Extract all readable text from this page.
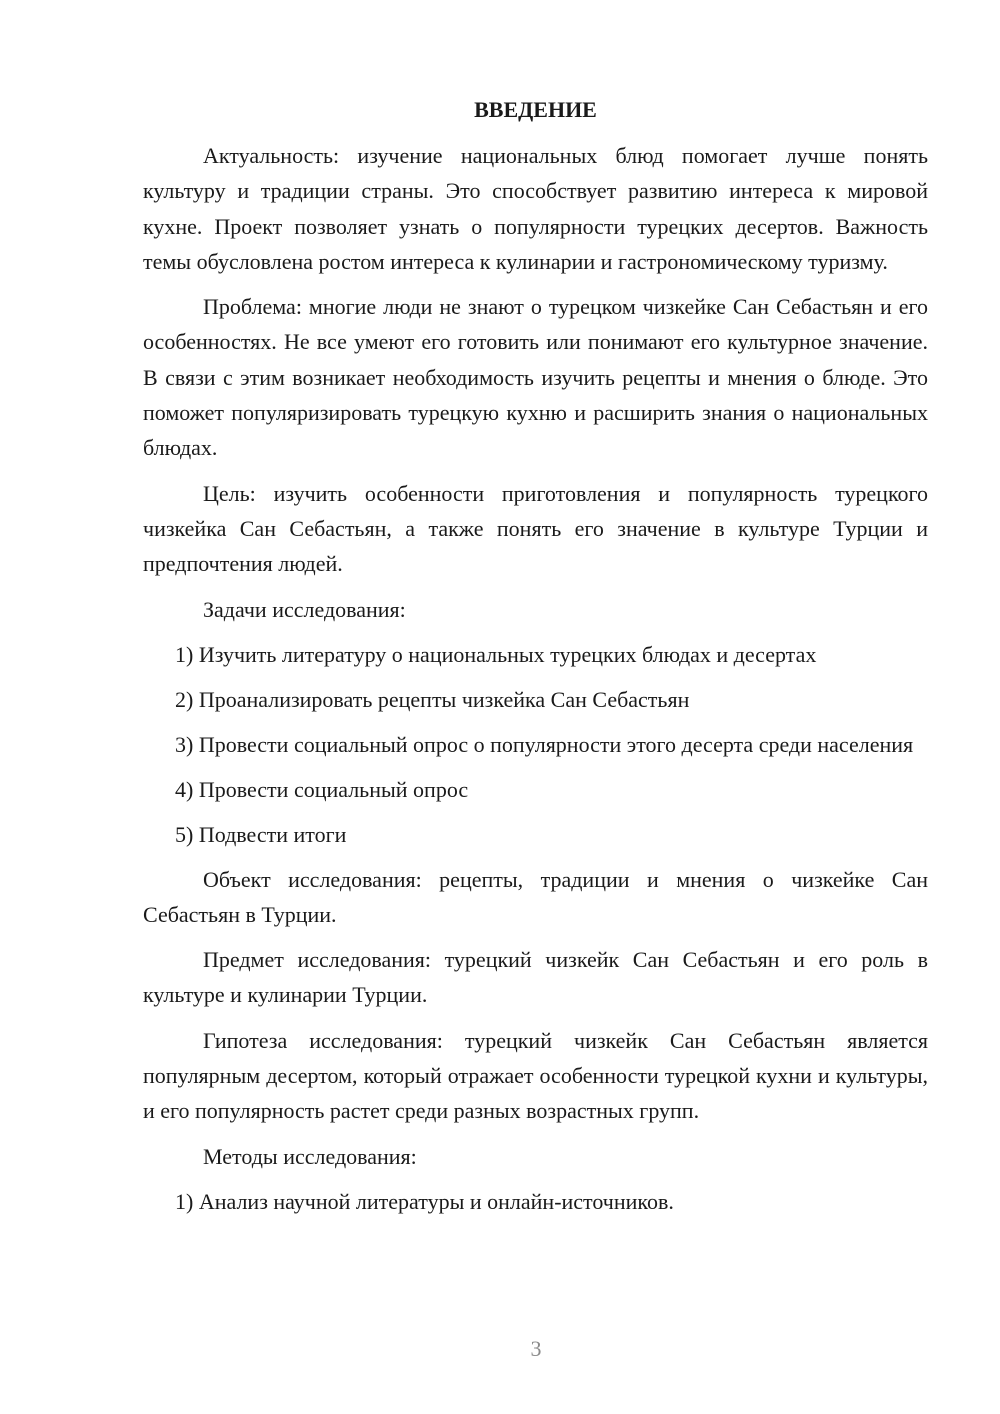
ВВЕДЕНИЕ

Актуальность: изучение национальных блюд помогает лучше понять культуру и традиции страны. Это способствует развитию интереса к мировой кухне. Проект позволяет узнать о популярности турецких десертов. Важность темы обусловлена ростом интереса к кулинарии и гастрономическому туризму.

Проблема: многие люди не знают о турецком чизкейке Сан Себастьян и его особенностях. Не все умеют его готовить или понимают его культурное значение. В связи с этим возникает необходимость изучить рецепты и мнения о блюде. Это поможет популяризировать турецкую кухню и расширить знания о национальных блюдах.

Цель: изучить особенности приготовления и популярность турецкого чизкейка Сан Себастьян, а также понять его значение в культуре Турции и предпочтения людей.

Задачи исследования:

1) Изучить литературу о национальных турецких блюдах и десертах

2) Проанализировать рецепты чизкейка Сан Себастьян

3) Провести социальный опрос о популярности этого десерта среди населения

4) Провести социальный опрос

5) Подвести итоги

Объект исследования: рецепты, традиции и мнения о чизкейке Сан Себастьян в Турции.

Предмет исследования: турецкий чизкейк Сан Себастьян и его роль в культуре и кулинарии Турции.

Гипотеза исследования: турецкий чизкейк Сан Себастьян является популярным десертом, который отражает особенности турецкой кухни и культуры, и его популярность растет среди разных возрастных групп.

Методы исследования:

1) Анализ научной литературы и онлайн-источников.

3
